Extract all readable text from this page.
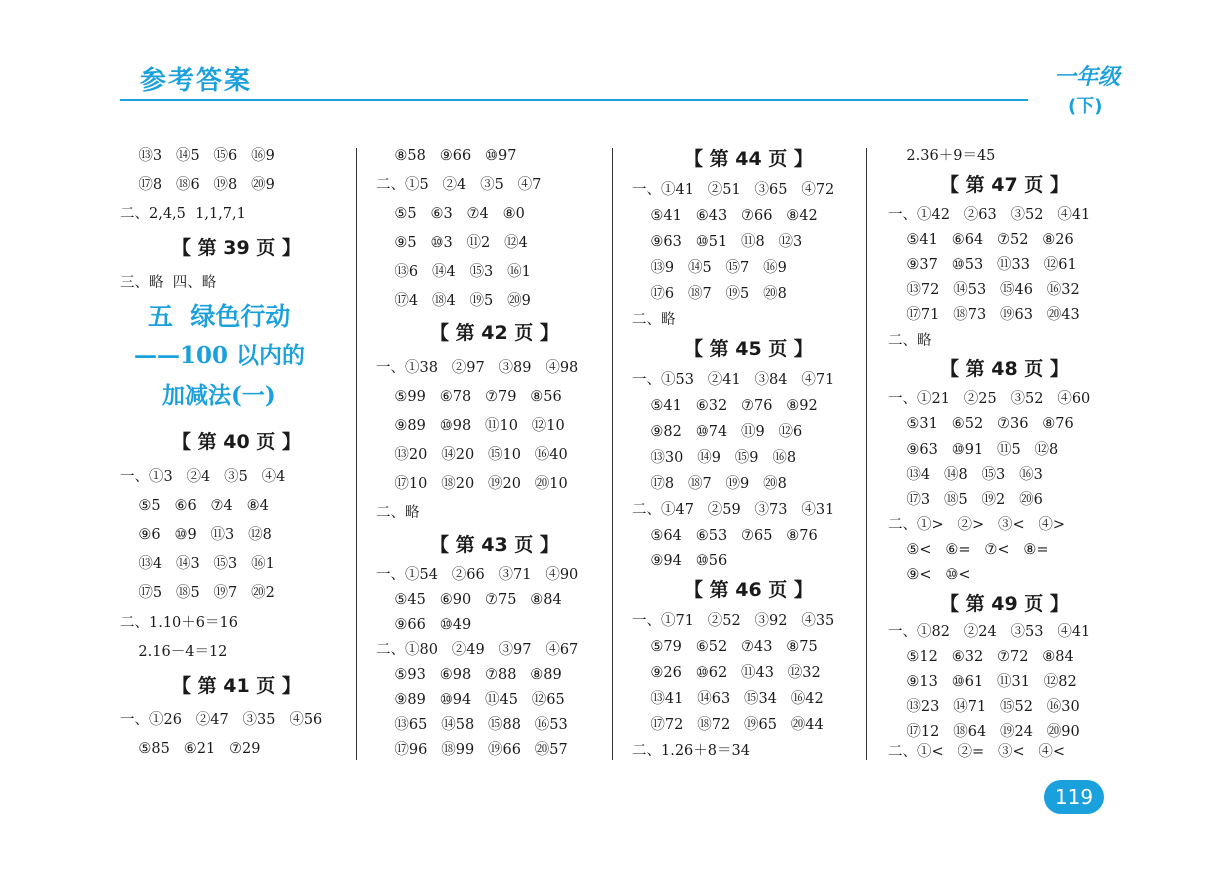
参考答案	一年级
(下)
⑬3   ⑭5   ⑮6   ⑯9
⑰8   ⑱6   ⑲8   ⑳9
二、2,4,5  1,1,7,1
【 第 39 页 】
三、略  四、略
五  绿色行动
——100 以内的
加减法(一)
【 第 40 页 】
一、①3   ②4   ③5   ④4
⑤5   ⑥6   ⑦4   ⑧4
⑨6   ⑩9   ⑪3   ⑫8
⑬4   ⑭3   ⑮3   ⑯1
⑰5   ⑱5   ⑲7   ⑳2
二、1.10＋6＝16
2.16－4＝12
【 第 41 页 】
一、①26   ②47   ③35   ④56
⑤85   ⑥21   ⑦29
⑧58   ⑨66   ⑩97
二、①5   ②4   ③5   ④7
⑤5   ⑥3   ⑦4   ⑧0
⑨5   ⑩3   ⑪2   ⑫4
⑬6   ⑭4   ⑮3   ⑯1
⑰4   ⑱4   ⑲5   ⑳9
【 第 42 页 】
一、①38   ②97   ③89   ④98
⑤99   ⑥78   ⑦79   ⑧56
⑨89   ⑩98   ⑪10   ⑫10
⑬20   ⑭20   ⑮10   ⑯40
⑰10   ⑱20   ⑲20   ⑳10
二、略
【 第 43 页 】
一、①54   ②66   ③71   ④90
⑤45   ⑥90   ⑦75   ⑧84
⑨66   ⑩49
二、①80   ②49   ③97   ④67
⑤93   ⑥98   ⑦88   ⑧89
⑨89   ⑩94   ⑪45   ⑫65
⑬65   ⑭58   ⑮88   ⑯53
⑰96   ⑱99   ⑲66   ⑳57
【 第 44 页 】
一、①41   ②51   ③65   ④72
⑤41   ⑥43   ⑦66   ⑧42
⑨63   ⑩51   ⑪8   ⑫3
⑬9   ⑭5   ⑮7   ⑯9
⑰6   ⑱7   ⑲5   ⑳8
二、略
【 第 45 页 】
一、①53   ②41   ③84   ④71
⑤41   ⑥32   ⑦76   ⑧92
⑨82   ⑩74   ⑪9   ⑫6
⑬30   ⑭9   ⑮9   ⑯8
⑰8   ⑱7   ⑲9   ⑳8
二、①47   ②59   ③73   ④31
⑤64   ⑥53   ⑦65   ⑧76
⑨94   ⑩56
【 第 46 页 】
一、①71   ②52   ③92   ④35
⑤79   ⑥52   ⑦43   ⑧75
⑨26   ⑩62   ⑪43   ⑫32
⑬41   ⑭63   ⑮34   ⑯42
⑰72   ⑱72   ⑲65   ⑳44
二、1.26＋8＝34
2.36＋9＝45
【 第 47 页 】
一、①42   ②63   ③52   ④41
⑤41   ⑥64   ⑦52   ⑧26
⑨37   ⑩53   ⑪33   ⑫61
⑬72   ⑭53   ⑮46   ⑯32
⑰71   ⑱73   ⑲63   ⑳43
二、略
【 第 48 页 】
一、①21   ②25   ③52   ④60
⑤31   ⑥52   ⑦36   ⑧76
⑨63   ⑩91   ⑪5   ⑫8
⑬4   ⑭8   ⑮3   ⑯3
⑰3   ⑱5   ⑲2   ⑳6
二、①>   ②>   ③<   ④>
⑤<   ⑥=   ⑦<   ⑧=
⑨<   ⑩<
【 第 49 页 】
一、①82   ②24   ③53   ④41
⑤12   ⑥32   ⑦72   ⑧84
⑨13   ⑩61   ⑪31   ⑫82
⑬23   ⑭71   ⑮52   ⑯30
⑰12   ⑱64   ⑲24   ⑳90
二、①<   ②=   ③<   ④<
119
